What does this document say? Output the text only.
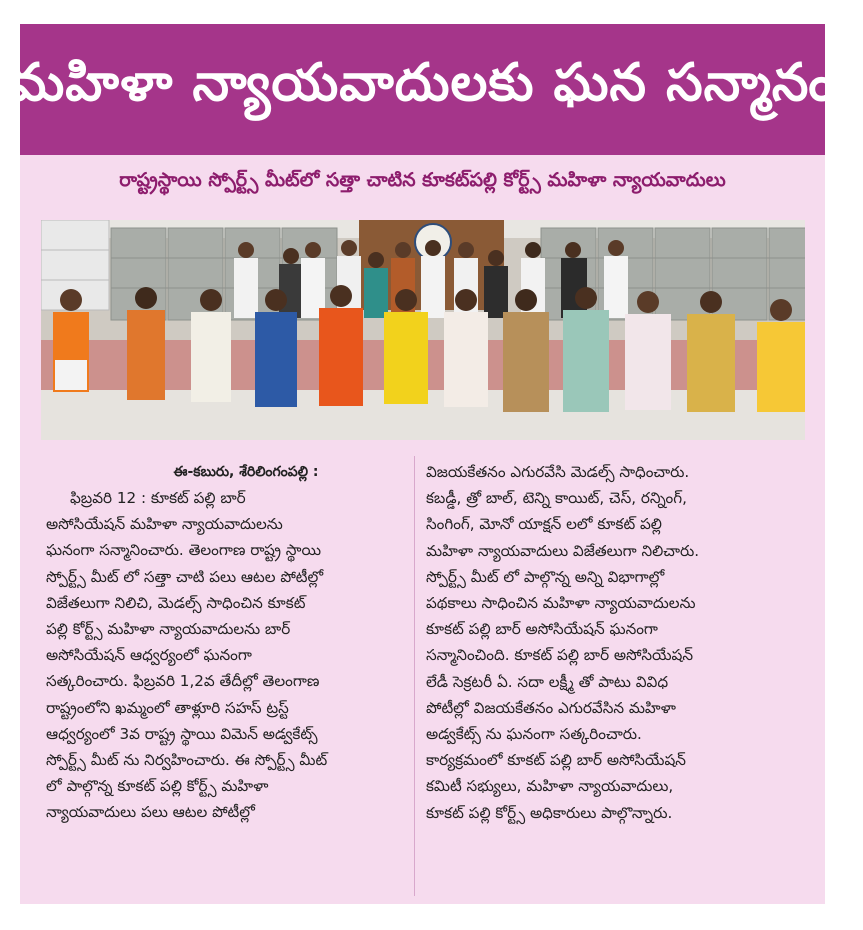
మహిళా న్యాయవాదులకు ఘన సన్మానం
రాష్ట్రస్థాయి స్పోర్ట్స్ మీట్‌లో సత్తా చాటిన కూకట్‌పల్లి కోర్ట్స్ మహిళా న్యాయవాదులు

ఈ-కబురు, శేరిలింగంపల్లి :

ఫిబ్రవరి 12 : కూకట్ పల్లి బార్

అసోసియేషన్ మహిళా న్యాయవాదులను

ఘనంగా సన్మానించారు. తెలంగాణ రాష్ట్ర స్థాయి

స్పోర్ట్స్ మీట్ లో సత్తా చాటి పలు ఆటల పోటీల్లో

విజేతలుగా నిలిచి, మెడల్స్ సాధించిన కూకట్

పల్లి కోర్ట్స్ మహిళా న్యాయవాదులను బార్

అసోసియేషన్ ఆధ్వర్యంలో ఘనంగా

సత్కరించారు. ఫిబ్రవరి 1,2వ తేదీల్లో తెలంగాణ

రాష్ట్రంలోని ఖమ్మంలో తాళ్లూరి సహస్ ట్రస్ట్

ఆధ్వర్యంలో 3వ రాష్ట్ర స్థాయి విమెన్ అడ్వకేట్స్

స్పోర్ట్స్ మీట్ ను నిర్వహించారు. ఈ స్పోర్ట్స్ మీట్

లో పాల్గొన్న కూకట్ పల్లి కోర్ట్స్ మహిళా

న్యాయవాదులు పలు ఆటల పోటీల్లో

విజయకేతనం ఎగురవేసి మెడల్స్ సాధించారు.

కబడ్డీ, త్రో బాల్, టెన్ని కాయిట్, చెస్, రన్నింగ్,

సింగింగ్, మోనో యాక్షన్ లలో కూకట్ పల్లి

మహిళా న్యాయవాదులు విజేతలుగా నిలిచారు.

స్పోర్ట్స్ మీట్ లో పాల్గొన్న అన్ని విభాగాల్లో

పథకాలు సాధించిన మహిళా న్యాయవాదులను

కూకట్ పల్లి బార్ అసోసియేషన్ ఘనంగా

సన్మానించింది. కూకట్ పల్లి బార్ అసోసియేషన్

లేడీ సెక్రటరీ ఏ. సదా లక్ష్మీ తో పాటు వివిధ

పోటీల్లో విజయకేతనం ఎగురవేసిన మహిళా

అడ్వకేట్స్ ను ఘనంగా సత్కరించారు.

కార్యక్రమంలో కూకట్ పల్లి బార్ అసోసియేషన్

కమిటీ సభ్యులు, మహిళా న్యాయవాదులు,

కూకట్ పల్లి కోర్ట్స్ అధికారులు పాల్గొన్నారు.
